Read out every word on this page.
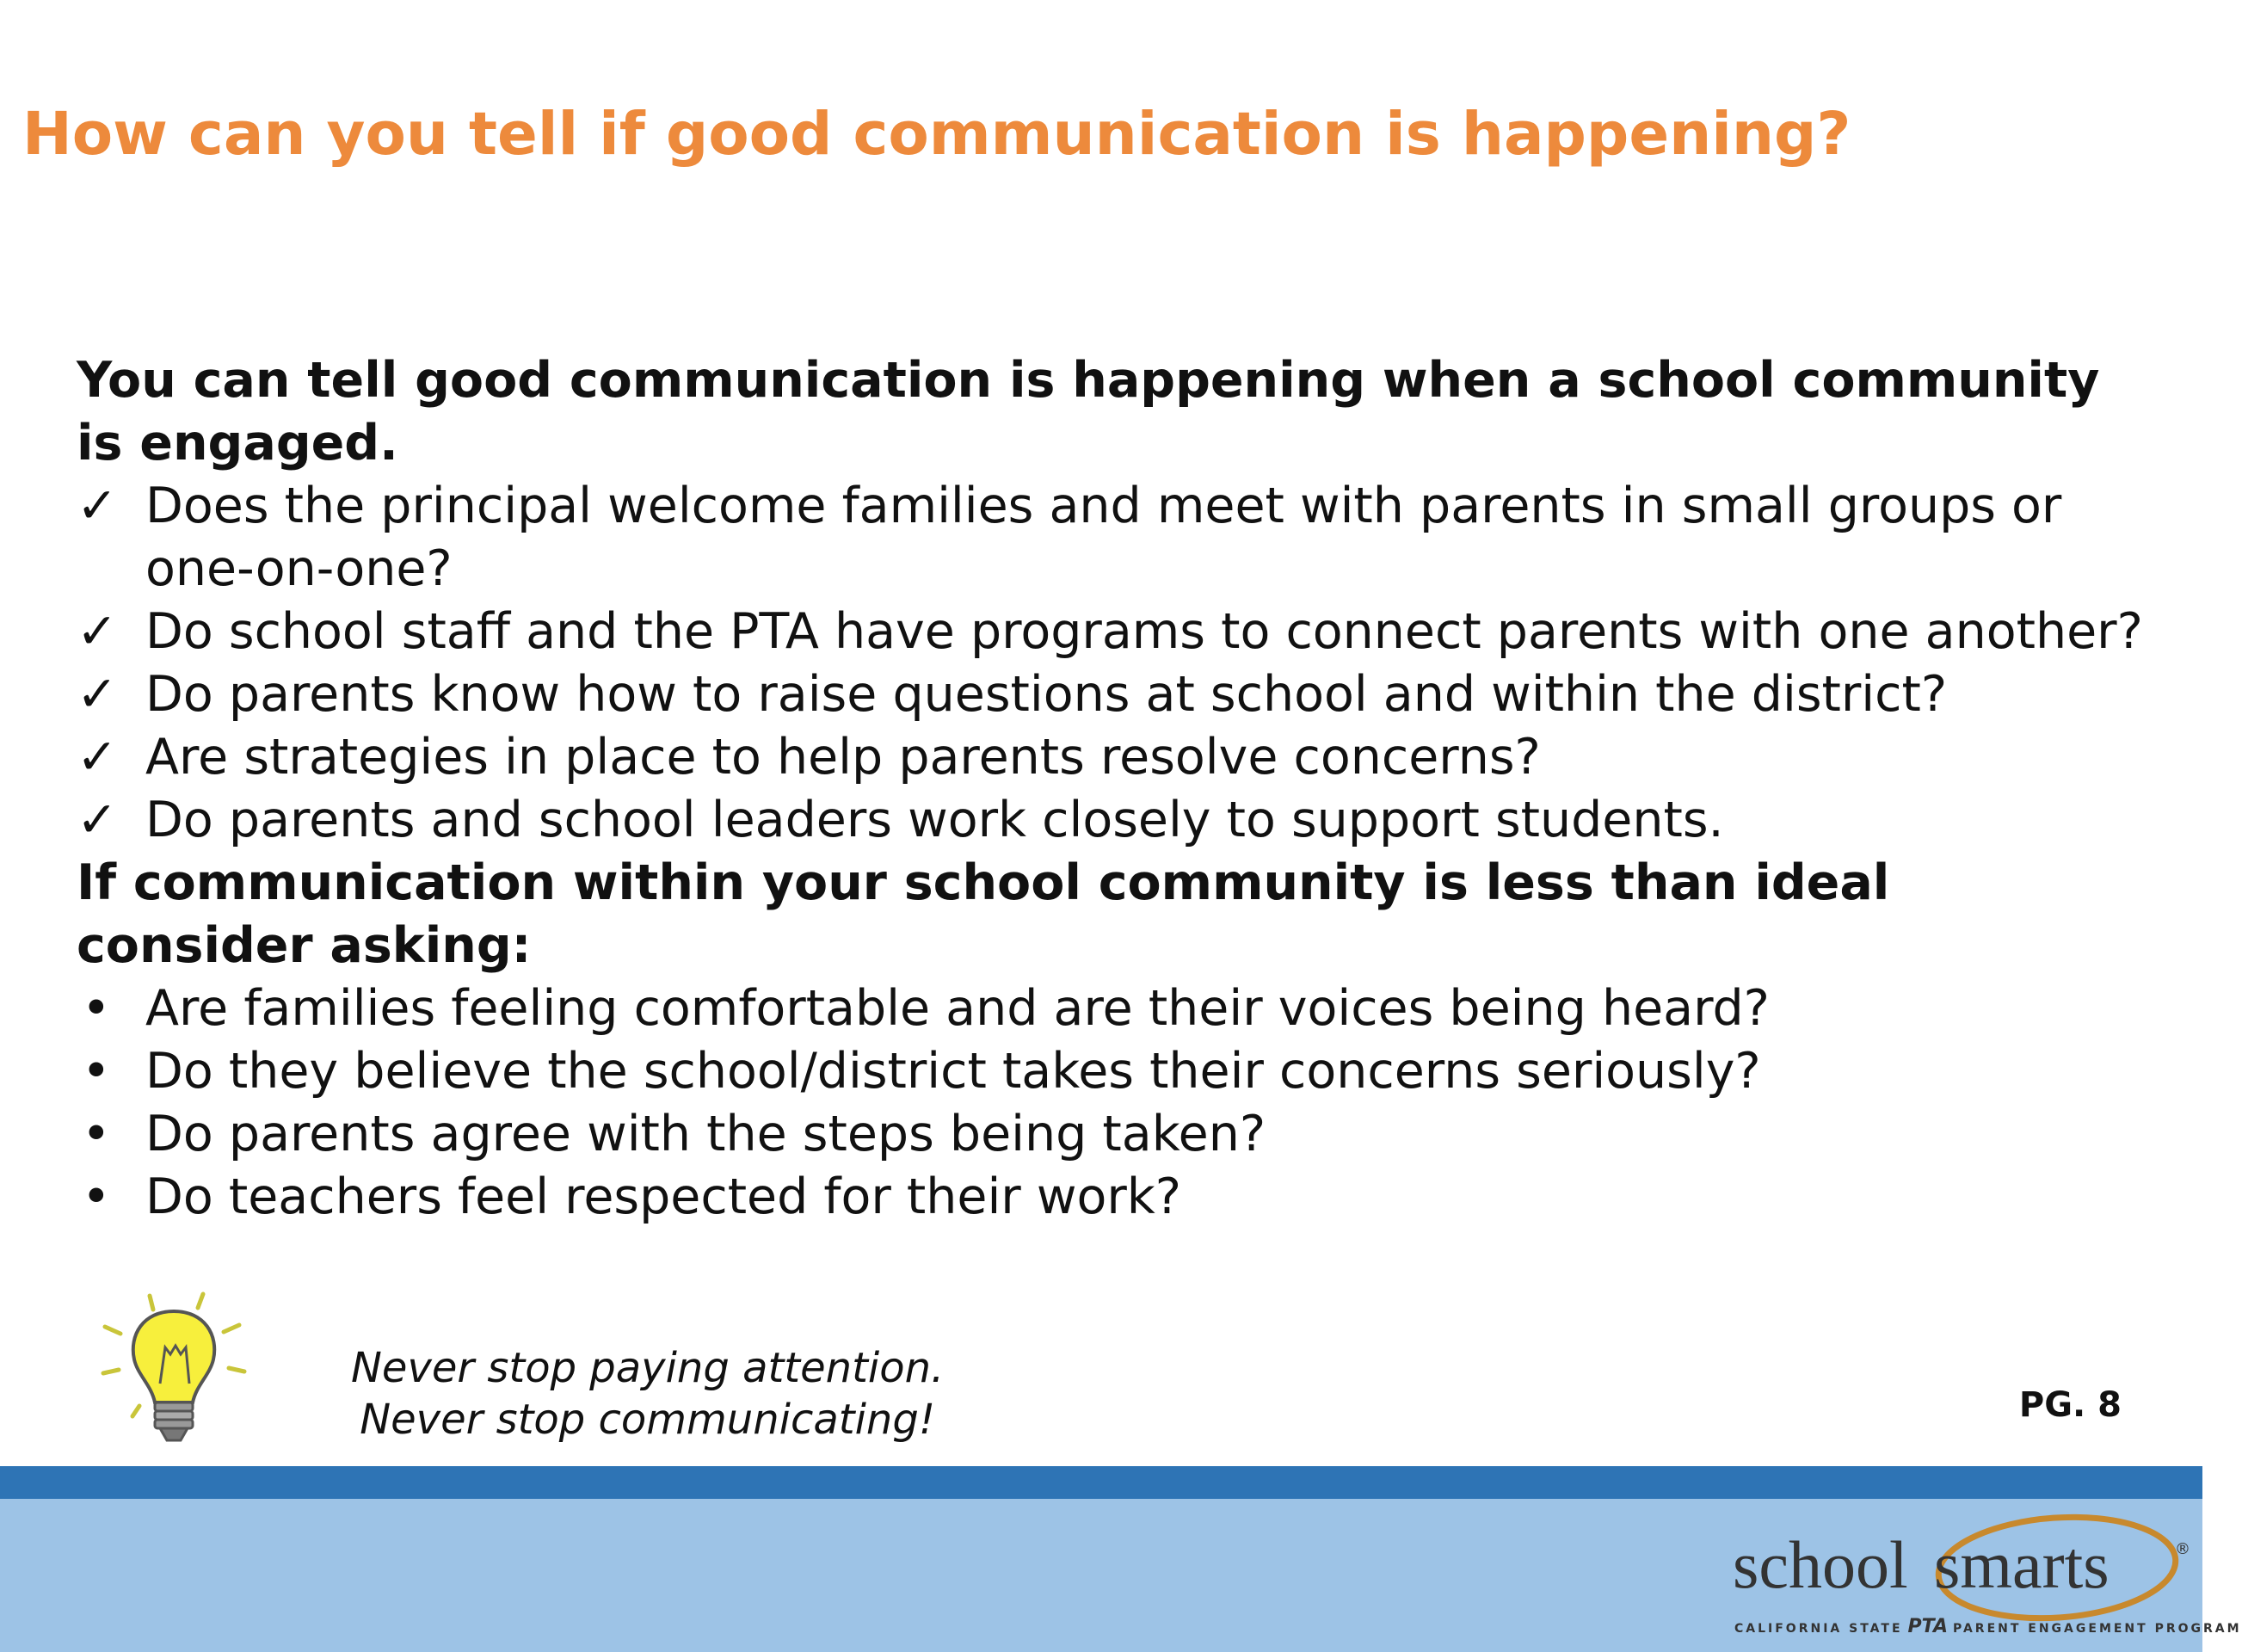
How can you tell if good communication is happening?
You can tell good communication is happening when a school community is engaged.
✓ Does the principal welcome families and meet with parents in small groups or one-on-one?
✓ Do school staff and the PTA have programs to connect parents with one another?
✓ Do parents know how to raise questions at school and within the district?
✓ Are strategies in place to help parents resolve concerns?
✓ Do parents and school leaders work closely to support students.
If communication within your school community is less than ideal consider asking:
• Are families feeling comfortable and are their voices being heard?
• Do they believe the school/district takes their concerns seriously?
• Do parents agree with the steps being taken?
• Do teachers feel respected for their work?
Never stop paying attention.
Never stop communicating!	PG. 8
school smarts	®
CALIFORNIA STATE PTA PARENT ENGAGEMENT PROGRAM
